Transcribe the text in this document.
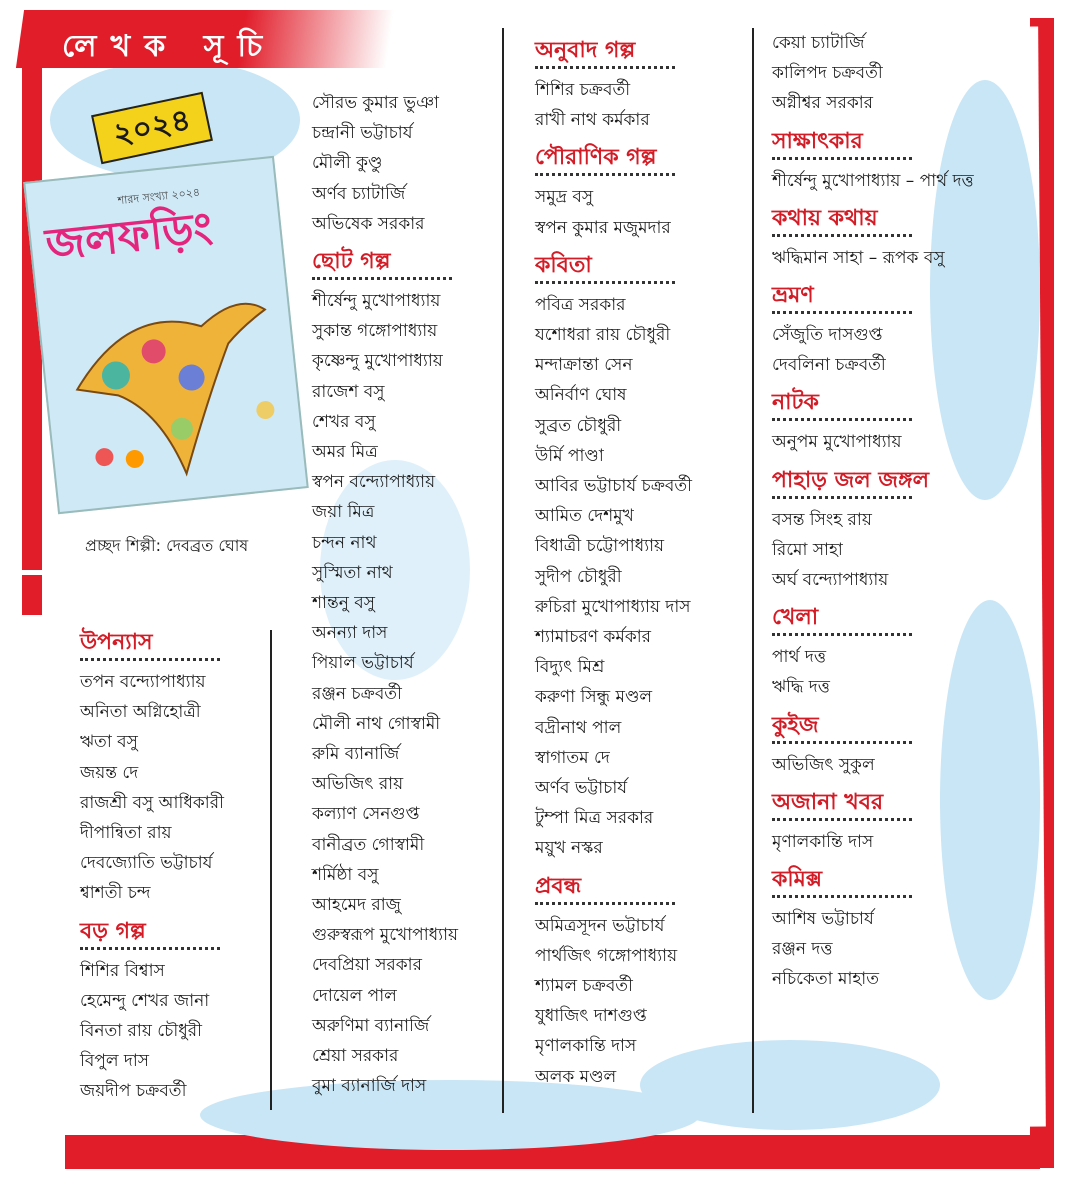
লেখক সূচি
২০২৪
শারদ সংখ্যা ২০২৪
জলফড়িং
প্রচ্ছদ শিল্পী: দেবব্রত ঘোষ
উপন্যাস
তপন বন্দ্যোপাধ্যায়
অনিতা অগ্নিহোত্রী
ঋতা বসু
জয়ন্ত দে
রাজশ্রী বসু আধিকারী
দীপান্বিতা রায়
দেবজ্যোতি ভট্টাচার্য
শ্বাশতী চন্দ
বড় গল্প
শিশির বিশ্বাস
হেমেন্দু শেখর জানা
বিনতা রায় চৌধুরী
বিপুল দাস
জয়দীপ চক্রবর্তী
সৌরভ কুমার ভুঞা
চন্দ্রানী ভট্টাচার্য
মৌলী কুণ্ডু
অর্ণব চ্যাটার্জি
অভিষেক সরকার
ছোট গল্প
শীর্ষেন্দু মুখোপাধ্যায়
সুকান্ত গঙ্গোপাধ্যায়
কৃষ্ণেন্দু মুখোপাধ্যায়
রাজেশ বসু
শেখর বসু
অমর মিত্র
স্বপন বন্দ্যোপাধ্যায়
জয়া মিত্র
চন্দন নাথ
সুস্মিতা নাথ
শান্তনু বসু
অনন্যা দাস
পিয়াল ভট্টাচার্য
রঞ্জন চক্রবর্তী
মৌলী নাথ গোস্বামী
রুমি ব্যানার্জি
অভিজিৎ রায়
কল্যাণ সেনগুপ্ত
বানীব্রত গোস্বামী
শর্মিষ্ঠা বসু
আহমেদ রাজু
গুরুস্বরূপ মুখোপাধ্যায়
দেবপ্রিয়া সরকার
দোয়েল পাল
অরুণিমা ব্যানার্জি
শ্রেয়া সরকার
বুমা ব্যানার্জি দাস
অনুবাদ গল্প
শিশির চক্রবর্তী
রাখী নাথ কর্মকার
পৌরাণিক গল্প
সমুদ্র বসু
স্বপন কুমার মজুমদার
কবিতা
পবিত্র সরকার
যশোধরা রায় চৌধুরী
মন্দাক্রান্তা সেন
অনির্বাণ ঘোষ
সুব্রত চৌধুরী
উর্মি পাণ্ডা
আবির ভট্টাচার্য চক্রবর্তী
আমিত দেশমুখ
বিধাত্রী চট্টোপাধ্যায়
সুদীপ চৌধুরী
রুচিরা মুখোপাধ্যায় দাস
শ্যামাচরণ কর্মকার
বিদ্যুৎ মিশ্র
করুণা সিন্ধু মণ্ডল
বদ্রীনাথ পাল
স্বাগাতম দে
অর্ণব ভট্টাচার্য
টুম্পা মিত্র সরকার
ময়ুখ নস্কর
প্রবন্ধ
অমিত্রসূদন ভট্টাচার্য
পার্থজিৎ গঙ্গোপাধ্যায়
শ্যামল চক্রবর্তী
যুধাজিৎ দাশগুপ্ত
মৃণালকান্তি দাস
অলক মণ্ডল
কেয়া চ্যাটার্জি
কালিপদ চক্রবর্তী
অগ্নীশ্বর সরকার
সাক্ষাৎকার
শীর্ষেন্দু মুখোপাধ্যায় – পার্থ দত্ত
কথায় কথায়
ঋদ্ধিমান সাহা – রূপক বসু
ভ্রমণ
সেঁজুতি দাসগুপ্ত
দেবলিনা চক্রবর্তী
নাটক
অনুপম মুখোপাধ্যায়
পাহাড় জল জঙ্গল
বসন্ত সিংহ রায়
রিমো সাহা
অর্ঘ বন্দ্যোপাধ্যায়
খেলা
পার্থ দত্ত
ঋদ্ধি দত্ত
কুইজ
অভিজিৎ সুকুল
অজানা খবর
মৃণালকান্তি দাস
কমিক্স
আশিষ ভট্টাচার্য
রঞ্জন দত্ত
নচিকেতা মাহাত
